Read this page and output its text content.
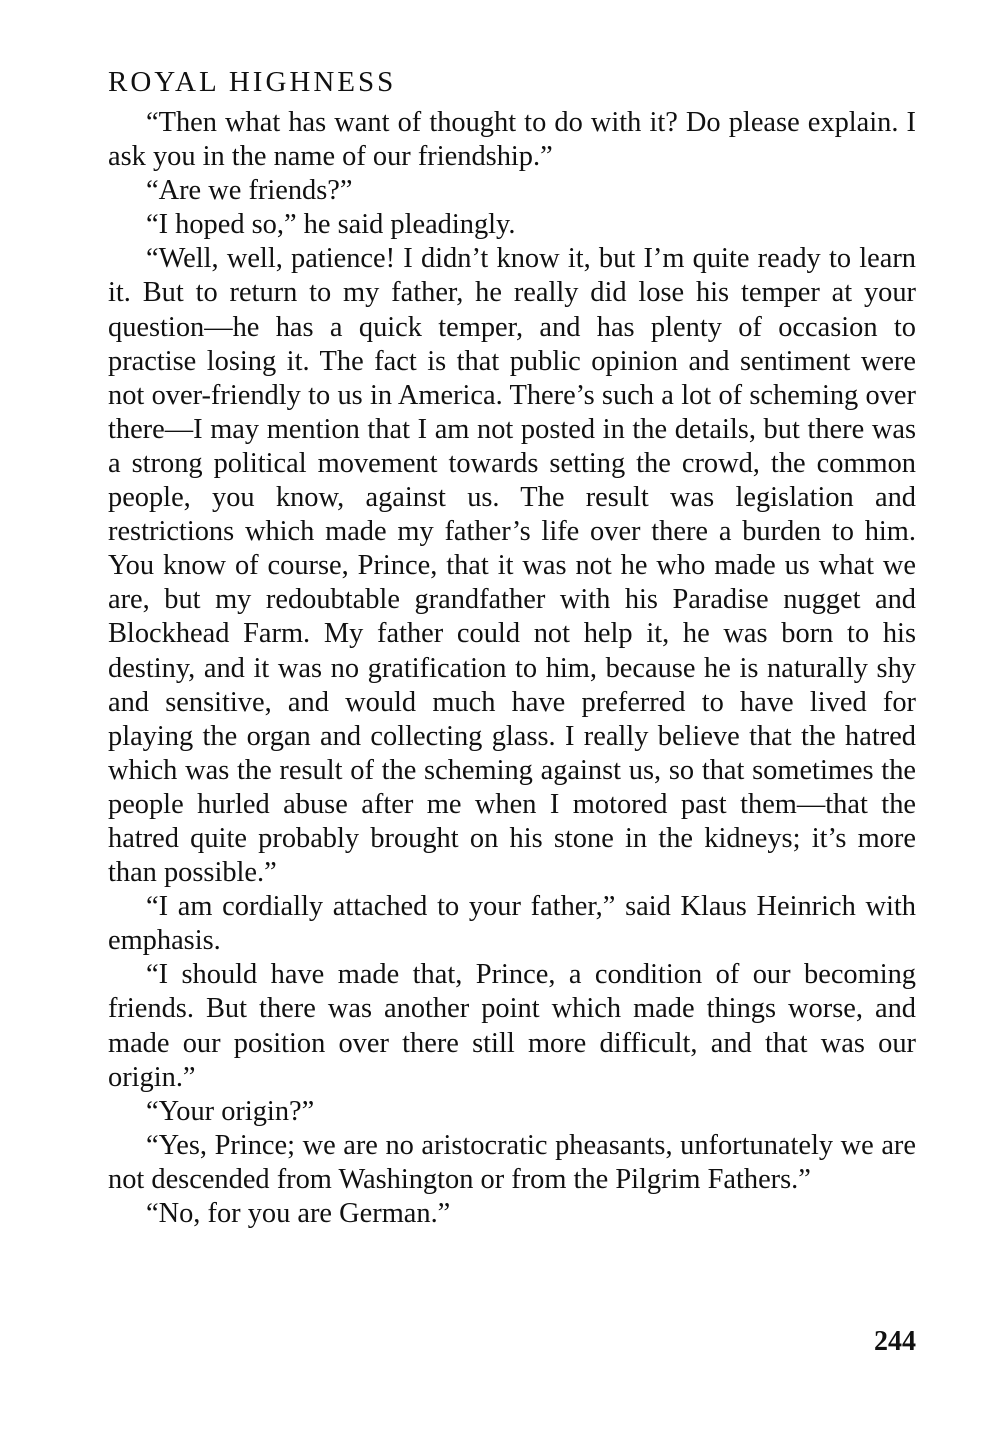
ROYAL HIGHNESS

“Then what has want of thought to do with it? Do please explain. I ask you in the name of our friendship.”

“Are we friends?”

“I hoped so,” he said pleadingly.

“Well, well, patience! I didn’t know it, but I’m quite ready to learn it. But to return to my father, he really did lose his temper at your question—he has a quick temper, and has plenty of occasion to practise losing it. The fact is that public opinion and sentiment were not over-friendly to us in America. There’s such a lot of scheming over there—I may mention that I am not posted in the details, but there was a strong political movement towards setting the crowd, the common people, you know, against us. The result was legislation and restrictions which made my father’s life over there a burden to him. You know of course, Prince, that it was not he who made us what we are, but my redoubtable grandfather with his Paradise nugget and Blockhead Farm. My father could not help it, he was born to his destiny, and it was no gratification to him, because he is naturally shy and sensitive, and would much have preferred to have lived for playing the organ and collecting glass. I really believe that the hatred which was the result of the scheming against us, so that sometimes the people hurled abuse after me when I motored past them—that the hatred quite probably brought on his stone in the kidneys; it’s more than possible.”

“I am cordially attached to your father,” said Klaus Heinrich with emphasis.

“I should have made that, Prince, a condition of our becoming friends. But there was another point which made things worse, and made our position over there still more difficult, and that was our origin.”

“Your origin?”

“Yes, Prince; we are no aristocratic pheasants, unfortunately we are not descended from Washington or from the Pilgrim Fathers.”

“No, for you are German.”

244
